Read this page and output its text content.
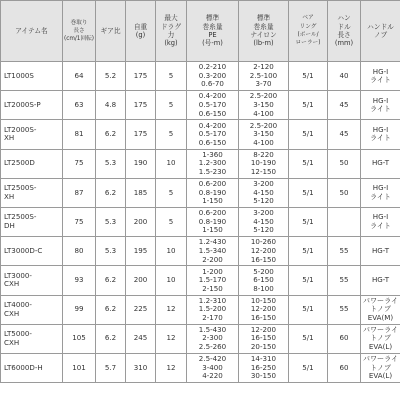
アイテム名	巻取り
長さ
(cm/1回転)	ギア比	自重
(g)	最大
ドラグ
力
(kg)	標準
巻糸量
PE
(号-m)	標準
巻糸量
ナイロン
(lb-m)	ベア
リング
(ボール/
ローラー)	ハン
ドル
長さ
(mm)	ハンドル
ノブ
LT1000S	64	5.2	175	5	0.2-210
0.3-200
0.6-70	2-120
2.5-100
3-70	5/1	40	HG-I
ライト
LT2000S-P	63	4.8	175	5	0.4-200
0.5-170
0.6-150	2.5-200
3-150
4-100	5/1	45	HG-I
ライト
LT2000S-
XH	81	6.2	175	5	0.4-200
0.5-170
0.6-150	2.5-200
3-150
4-100	5/1	45	HG-I
ライト
LT2500D	75	5.3	190	10	1-360
1.2-300
1.5-230	8-220
10-190
12-150	5/1	50	HG-T
LT2500S-
XH	87	6.2	185	5	0.6-200
0.8-190
1-150	3-200
4-150
5-120	5/1	50	HG-I
ライト
LT2500S-
DH	75	5.3	200	5	0.6-200
0.8-190
1-150	3-200
4-150
5-120	5/1		HG-I
ライト
LT3000D-C	80	5.3	195	10	1.2-430
1.5-340
2-200	10-260
12-200
16-150	5/1	55	HG-T
LT3000-
CXH	93	6.2	200	10	1-200
1.5-170
2-150	5-200
6-150
8-100	5/1	55	HG-T
LT4000-
CXH	99	6.2	225	12	1.2-310
1.5-200
2-170	10-150
12-200
16-150	5/1	55	パワーライ
トノブ
EVA(M)
LT5000-
CXH	105	6.2	245	12	1.5-430
2-300
2.5-260	12-200
16-150
20-150	5/1	60	パワーライ
トノブ
EVA(L)
LT6000D-H	101	5.7	310	12	2.5-420
3-400
4-220	14-310
16-250
30-150	5/1	60	パワーライ
トノブ
EVA(L)
